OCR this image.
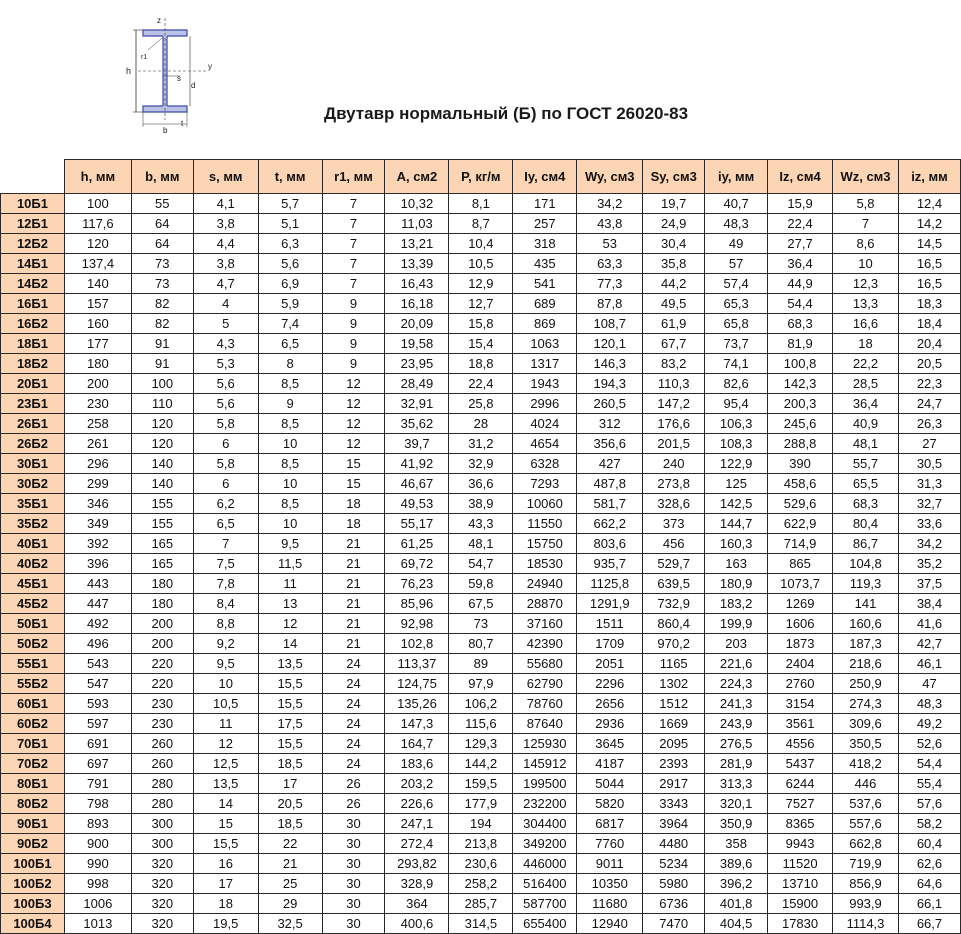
z
y
h
b
t
s
d
r1
Двутавр нормальный (Б) по ГОСТ 26020-83
	h, мм	b, мм	s, мм	t, мм	r1, мм	A, см2	P, кг/м	Iy, см4	Wy, см3	Sy, см3	iy, мм	Iz, см4	Wz, см3	iz, мм
10Б1	100	55	4,1	5,7	7	10,32	8,1	171	34,2	19,7	40,7	15,9	5,8	12,4
12Б1	117,6	64	3,8	5,1	7	11,03	8,7	257	43,8	24,9	48,3	22,4	7	14,2
12Б2	120	64	4,4	6,3	7	13,21	10,4	318	53	30,4	49	27,7	8,6	14,5
14Б1	137,4	73	3,8	5,6	7	13,39	10,5	435	63,3	35,8	57	36,4	10	16,5
14Б2	140	73	4,7	6,9	7	16,43	12,9	541	77,3	44,2	57,4	44,9	12,3	16,5
16Б1	157	82	4	5,9	9	16,18	12,7	689	87,8	49,5	65,3	54,4	13,3	18,3
16Б2	160	82	5	7,4	9	20,09	15,8	869	108,7	61,9	65,8	68,3	16,6	18,4
18Б1	177	91	4,3	6,5	9	19,58	15,4	1063	120,1	67,7	73,7	81,9	18	20,4
18Б2	180	91	5,3	8	9	23,95	18,8	1317	146,3	83,2	74,1	100,8	22,2	20,5
20Б1	200	100	5,6	8,5	12	28,49	22,4	1943	194,3	110,3	82,6	142,3	28,5	22,3
23Б1	230	110	5,6	9	12	32,91	25,8	2996	260,5	147,2	95,4	200,3	36,4	24,7
26Б1	258	120	5,8	8,5	12	35,62	28	4024	312	176,6	106,3	245,6	40,9	26,3
26Б2	261	120	6	10	12	39,7	31,2	4654	356,6	201,5	108,3	288,8	48,1	27
30Б1	296	140	5,8	8,5	15	41,92	32,9	6328	427	240	122,9	390	55,7	30,5
30Б2	299	140	6	10	15	46,67	36,6	7293	487,8	273,8	125	458,6	65,5	31,3
35Б1	346	155	6,2	8,5	18	49,53	38,9	10060	581,7	328,6	142,5	529,6	68,3	32,7
35Б2	349	155	6,5	10	18	55,17	43,3	11550	662,2	373	144,7	622,9	80,4	33,6
40Б1	392	165	7	9,5	21	61,25	48,1	15750	803,6	456	160,3	714,9	86,7	34,2
40Б2	396	165	7,5	11,5	21	69,72	54,7	18530	935,7	529,7	163	865	104,8	35,2
45Б1	443	180	7,8	11	21	76,23	59,8	24940	1125,8	639,5	180,9	1073,7	119,3	37,5
45Б2	447	180	8,4	13	21	85,96	67,5	28870	1291,9	732,9	183,2	1269	141	38,4
50Б1	492	200	8,8	12	21	92,98	73	37160	1511	860,4	199,9	1606	160,6	41,6
50Б2	496	200	9,2	14	21	102,8	80,7	42390	1709	970,2	203	1873	187,3	42,7
55Б1	543	220	9,5	13,5	24	113,37	89	55680	2051	1165	221,6	2404	218,6	46,1
55Б2	547	220	10	15,5	24	124,75	97,9	62790	2296	1302	224,3	2760	250,9	47
60Б1	593	230	10,5	15,5	24	135,26	106,2	78760	2656	1512	241,3	3154	274,3	48,3
60Б2	597	230	11	17,5	24	147,3	115,6	87640	2936	1669	243,9	3561	309,6	49,2
70Б1	691	260	12	15,5	24	164,7	129,3	125930	3645	2095	276,5	4556	350,5	52,6
70Б2	697	260	12,5	18,5	24	183,6	144,2	145912	4187	2393	281,9	5437	418,2	54,4
80Б1	791	280	13,5	17	26	203,2	159,5	199500	5044	2917	313,3	6244	446	55,4
80Б2	798	280	14	20,5	26	226,6	177,9	232200	5820	3343	320,1	7527	537,6	57,6
90Б1	893	300	15	18,5	30	247,1	194	304400	6817	3964	350,9	8365	557,6	58,2
90Б2	900	300	15,5	22	30	272,4	213,8	349200	7760	4480	358	9943	662,8	60,4
100Б1	990	320	16	21	30	293,82	230,6	446000	9011	5234	389,6	11520	719,9	62,6
100Б2	998	320	17	25	30	328,9	258,2	516400	10350	5980	396,2	13710	856,9	64,6
100Б3	1006	320	18	29	30	364	285,7	587700	11680	6736	401,8	15900	993,9	66,1
100Б4	1013	320	19,5	32,5	30	400,6	314,5	655400	12940	7470	404,5	17830	1114,3	66,7
